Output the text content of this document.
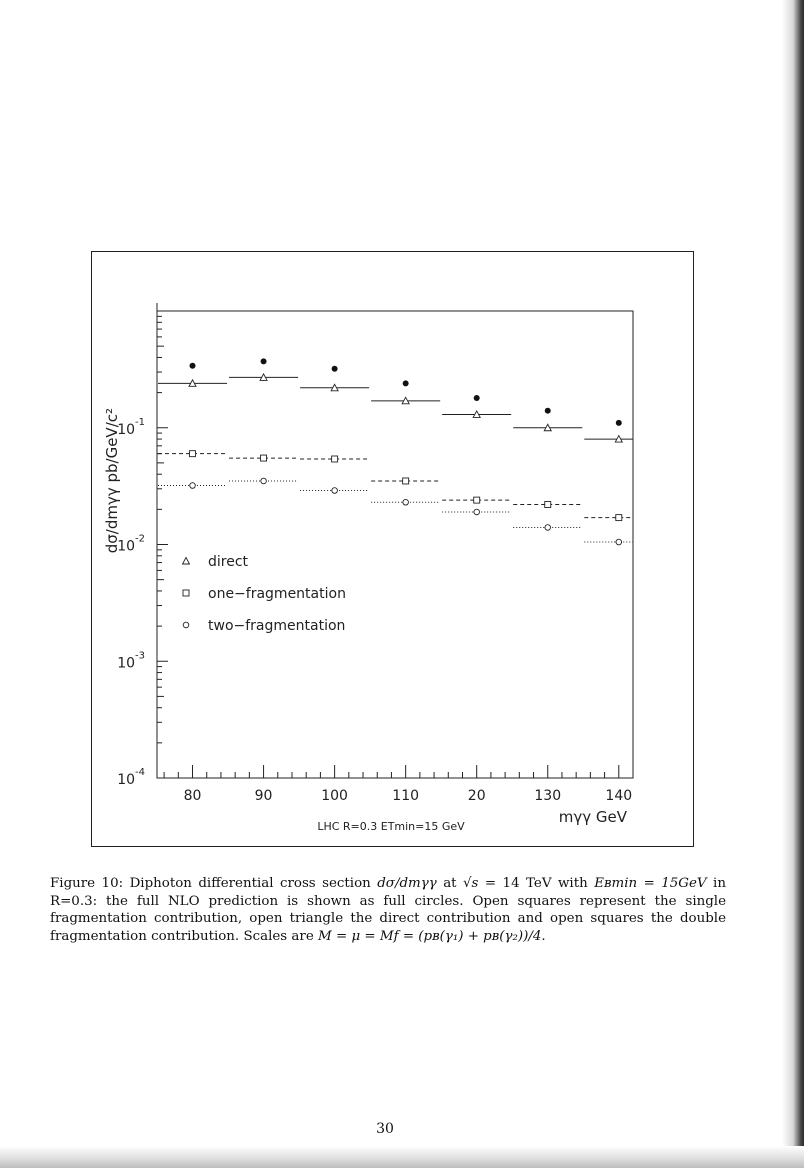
$10^{-1}$
$10^{-2}$
$10^{-3}$
$10^{-4}$
80	90	100	110	20	130	140
direct
one−fragmentation
two−fragmentation
dσ/dmγγ pb/GeV/c²
mγγ GeV
LHC R=0.3 ETmin=15 GeV
Figure 10: Diphoton differential cross section dσ/dmγγ at √s = 14 TeV with Eʙmin = 15GeV in R=0.3: the full NLO prediction is shown as full circles. Open squares represent the single fragmentation contribution, open triangle the direct contribution and open squares the double fragmentation contribution. Scales are M = μ = Mf = (pʙ(γ₁) + pʙ(γ₂))/4.
30
